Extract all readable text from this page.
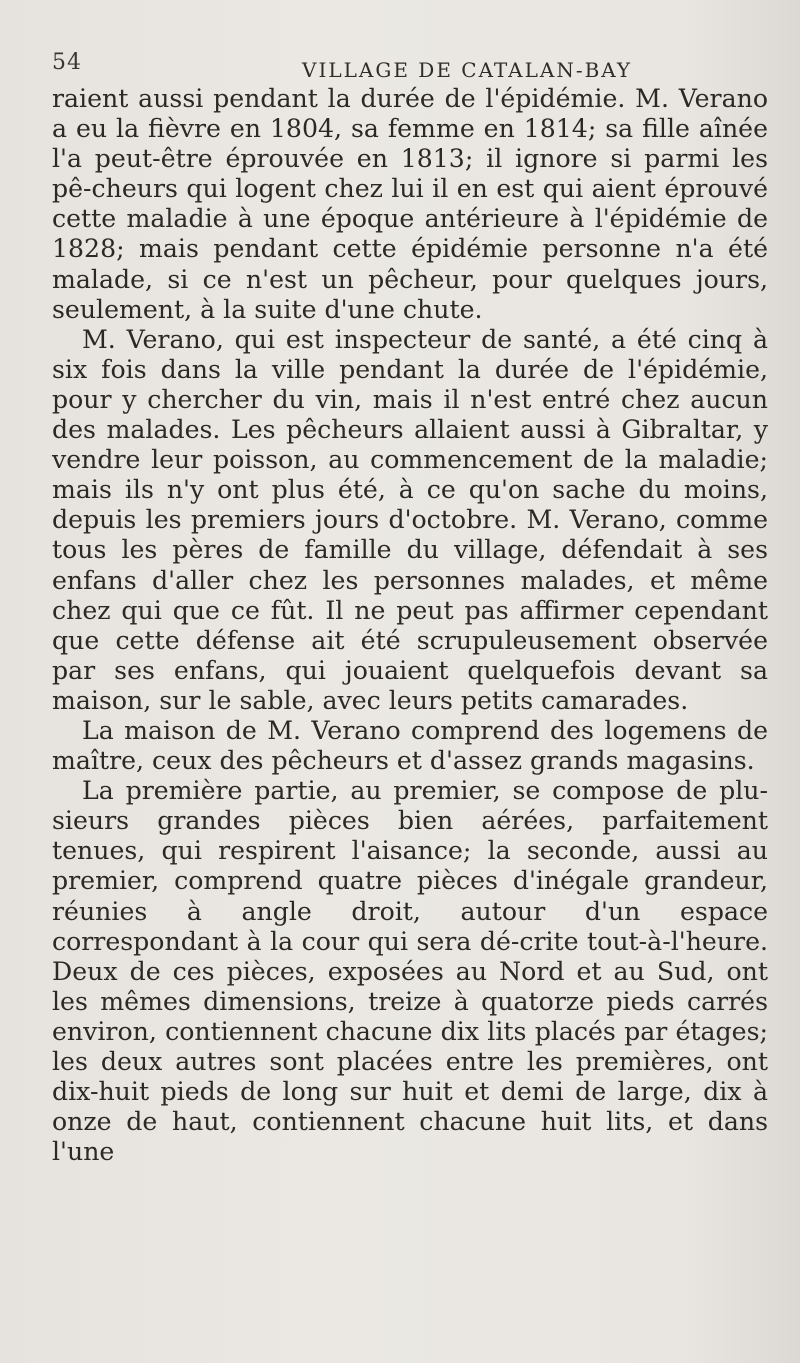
54	VILLAGE DE CATALAN-BAY

raient aussi pendant la durée de l'épidémie. M. Verano a eu la fièvre en 1804, sa femme en 1814; sa fille aînée l'a peut-être éprouvée en 1813; il ignore si parmi les pê-cheurs qui logent chez lui il en est qui aient éprouvé cette maladie à une époque antérieure à l'épidémie de 1828; mais pendant cette épidémie personne n'a été malade, si ce n'est un pêcheur, pour quelques jours, seulement, à la suite d'une chute.

M. Verano, qui est inspecteur de santé, a été cinq à six fois dans la ville pendant la durée de l'épidémie, pour y chercher du vin, mais il n'est entré chez aucun des malades. Les pêcheurs allaient aussi à Gibraltar, y vendre leur poisson, au commencement de la maladie; mais ils n'y ont plus été, à ce qu'on sache du moins, depuis les premiers jours d'octobre. M. Verano, comme tous les pères de famille du village, défendait à ses enfans d'aller chez les personnes malades, et même chez qui que ce fût. Il ne peut pas affirmer cependant que cette défense ait été scrupuleusement observée par ses enfans, qui jouaient quelquefois devant sa maison, sur le sable, avec leurs petits camarades.

La maison de M. Verano comprend des logemens de maître, ceux des pêcheurs et d'assez grands magasins.

La première partie, au premier, se compose de plu-sieurs grandes pièces bien aérées, parfaitement tenues, qui respirent l'aisance; la seconde, aussi au premier, comprend quatre pièces d'inégale grandeur, réunies à angle droit, autour d'un espace correspondant à la cour qui sera dé-crite tout-à-l'heure. Deux de ces pièces, exposées au Nord et au Sud, ont les mêmes dimensions, treize à quatorze pieds carrés environ, contiennent chacune dix lits placés par étages; les deux autres sont placées entre les premières, ont dix-huit pieds de long sur huit et demi de large, dix à onze de haut, contiennent chacune huit lits, et dans l'une
